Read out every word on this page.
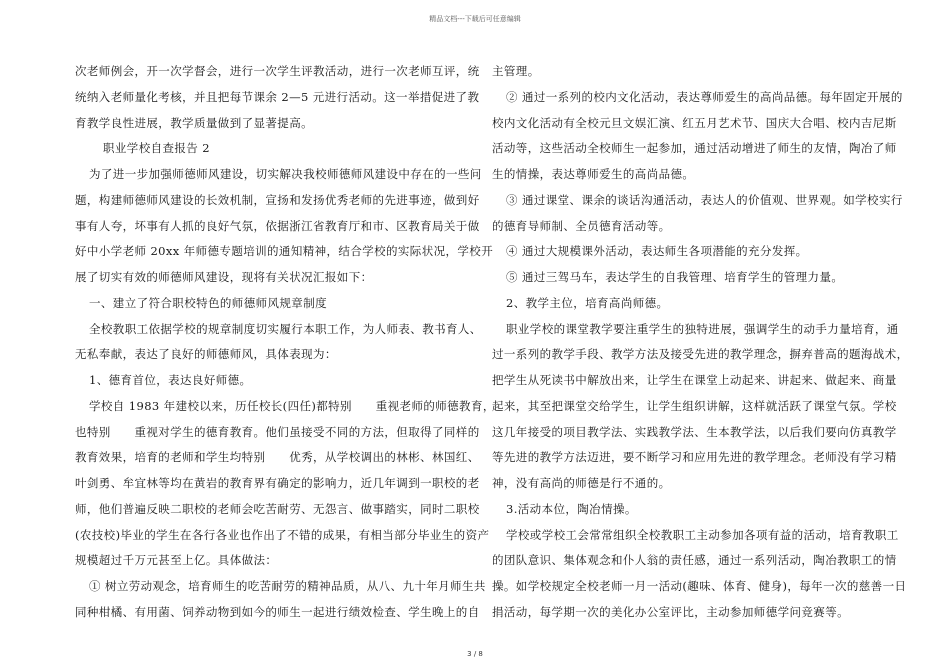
精品文档---下载后可任意编辑
次老师例会，开一次学督会，进行一次学生评教活动，进行一次老师互评，统
统纳入老师量化考核，并且把每节课余 2—5 元进行活动。这一举措促进了教
育教学良性进展，教学质量做到了显著提高。
职业学校自查报告 2
为了进一步加强师德师风建设，切实解决我校师德师风建设中存在的一些问
题，构建师德师风建设的长效机制，宣扬和发扬优秀老师的先进事迹，做到好
事有人夸，坏事有人抓的良好气氛，依据浙江省教育厅和市、区教育局关于做
好中小学老师 20xx 年师德专题培训的通知精神，结合学校的实际状况，学校开
展了切实有效的师德师风建设，现将有关状况汇报如下：
一、建立了符合职校特色的师德师风规章制度
全校教职工依据学校的规章制度切实履行本职工作，为人师表、教书育人、
无私奉献，表达了良好的师德师风，具体表现为：
1、德育首位，表达良好师德。
学校自 1983 年建校以来，历任校长(四任)都特别　　重视老师的师德教育，
也特别　　重视对学生的德育教育。他们虽接受不同的方法，但取得了同样的
教育效果，培育的老师和学生均特别　　优秀，从学校调出的林彬、林国红、
叶剑勇、牟宜林等均在黄岩的教育界有确定的影响力，近几年调到一职校的老
师，他们普遍反映二职校的老师会吃苦耐劳、无怨言、做事踏实，同时二职校
(农技校)毕业的学生在各行各业也作出了不错的成果，有相当部分毕业生的资产
规模超过千万元甚至上亿。具体做法：
① 树立劳动观念，培育师生的吃苦耐劳的精神品质，从八、九十年月师生共
同种柑橘、有用菌、饲养动物到如今的师生一起进行绩效检查、学生晚上的自
主管理。
② 通过一系列的校内文化活动，表达尊师爱生的高尚品德。每年固定开展的
校内文化活动有全校元旦文娱汇演、红五月艺术节、国庆大合唱、校内吉尼斯
活动等，这些活动全校师生一起参加，通过活动增进了师生的友情，陶冶了师
生的情操，表达尊师爱生的高尚品德。
③ 通过课堂、课余的谈话沟通活动，表达人的价值观、世界观。如学校实行
的德育导师制、全员德育活动等。
④ 通过大规模课外活动，表达师生各项潜能的充分发挥。
⑤ 通过三驾马车，表达学生的自我管理、培育学生的管理力量。
2、教学主位，培育高尚师德。
职业学校的课堂教学要注重学生的独特进展，强调学生的动手力量培育，通
过一系列的教学手段、教学方法及接受先进的教学理念，摒弃普高的题海战术，
把学生从死读书中解放出来，让学生在课堂上动起来、讲起来、做起来、商量
起来，其至把课堂交给学生，让学生组织讲解，这样就活跃了课堂气氛。学校
这几年接受的项目教学法、实践教学法、生本教学法，以后我们要向仿真教学
等先进的教学方法迈进，要不断学习和应用先进的教学理念。老师没有学习精
神，没有高尚的师德是行不通的。
3.活动本位，陶冶情操。
学校或学校工会常常组织全校教职工主动参加各项有益的活动，培育教职工
的团队意识、集体观念和仆人翁的责任感，通过一系列活动，陶冶教职工的情
操。如学校规定全校老师一月一活动(趣味、体育、健身)，每年一次的慈善一日
捐活动，每学期一次的美化办公室评比，主动参加师德学问竞赛等。
3 / 8
